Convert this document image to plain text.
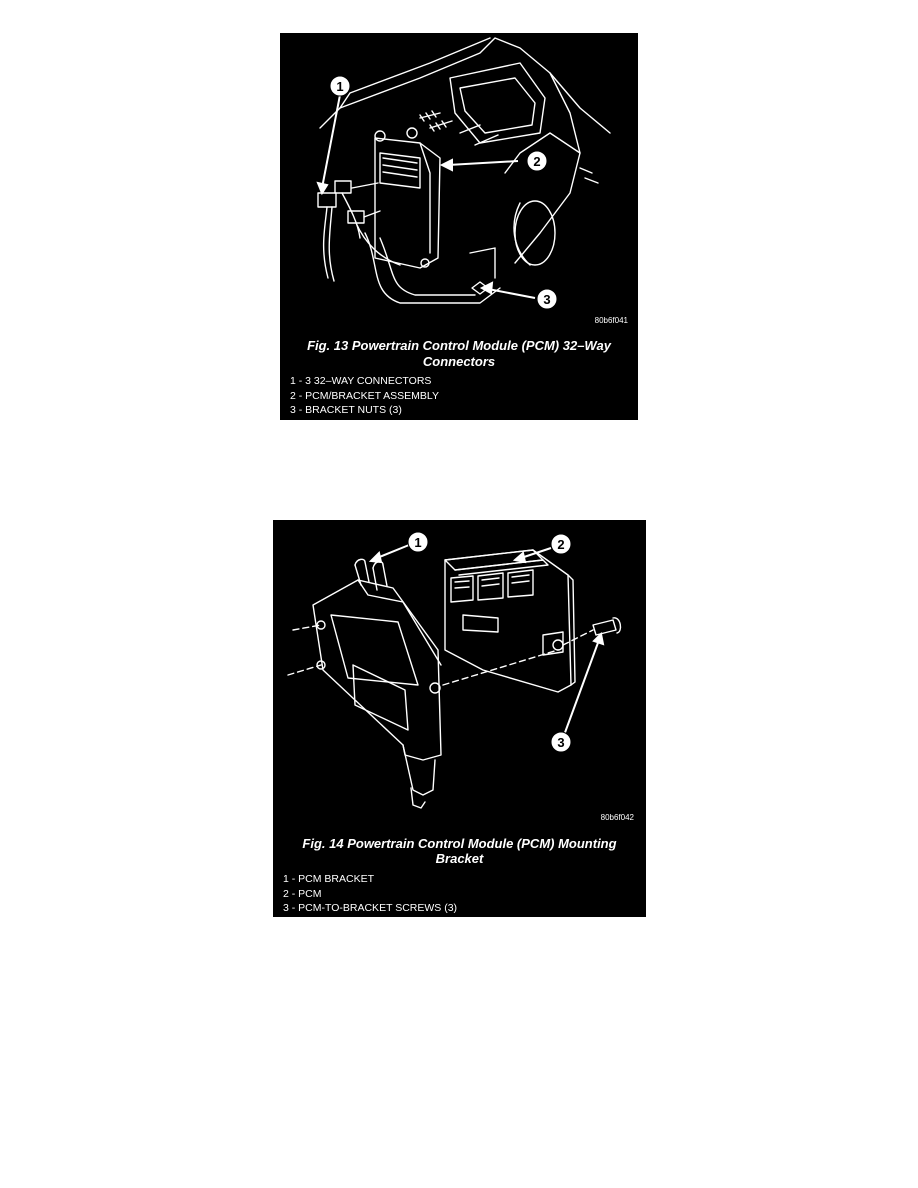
1
2
3
80b6f041
Fig. 13 Powertrain Control Module (PCM) 32–Way
Connectors
1 - 3 32–WAY CONNECTORS
2 - PCM/BRACKET ASSEMBLY
3 - BRACKET NUTS (3)
1	2
3
80b6f042
Fig. 14 Powertrain Control Module (PCM) Mounting
Bracket
1 - PCM BRACKET
2 - PCM
3 - PCM-TO-BRACKET SCREWS (3)
